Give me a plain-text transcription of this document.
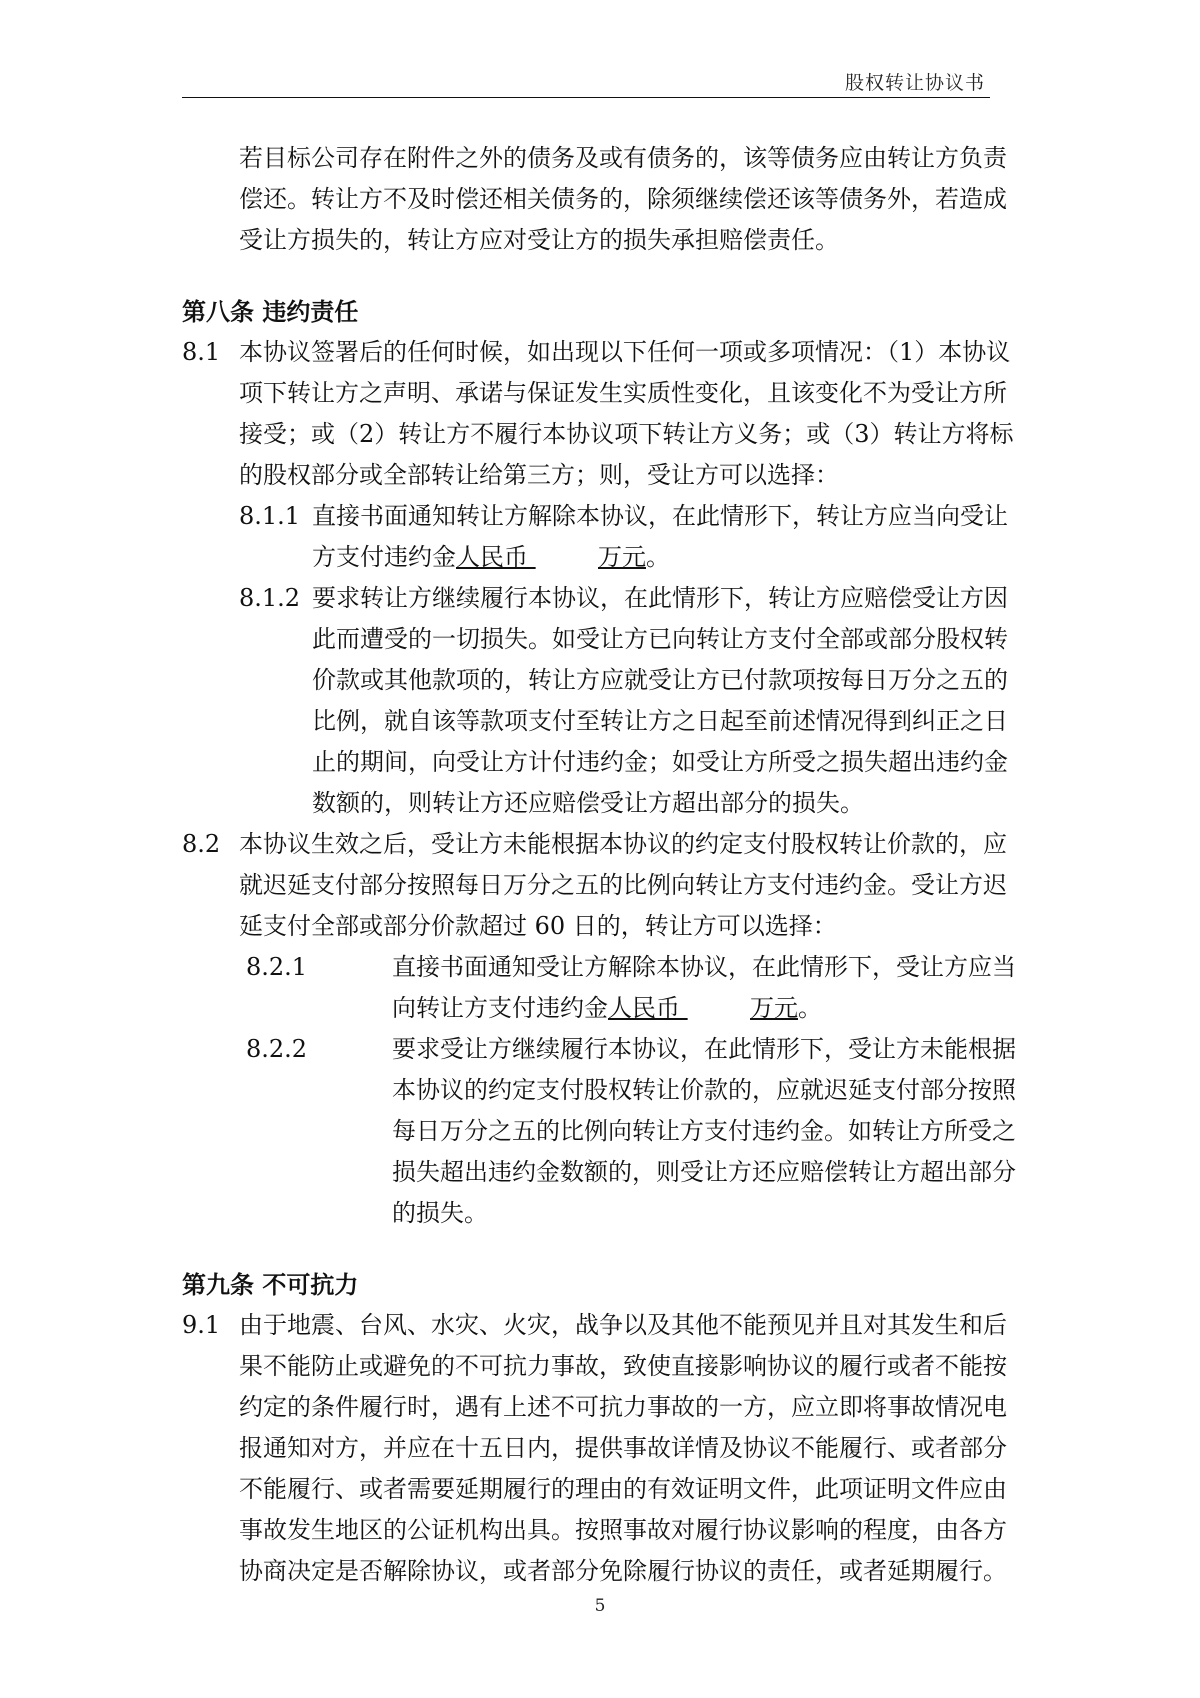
股权转让协议书

若目标公司存在附件之外的债务及或有债务的，该等债务应由转让方负责偿还。转让方不及时偿还相关债务的，除须继续偿还该等债务外，若造成受让方损失的，转让方应对受让方的损失承担赔偿责任。

第八条 违约责任

8.1 本协议签署后的任何时候，如出现以下任何一项或多项情况：（1）本协议项下转让方之声明、承诺与保证发生实质性变化，且该变化不为受让方所接受；或（2）转让方不履行本协议项下转让方义务；或（3）转让方将标的股权部分或全部转让给第三方；则，受让方可以选择：
8.1.1 直接书面通知转让方解除本协议，在此情形下，转让方应当向受让方支付违约金人民币	万元。
8.1.2 要求转让方继续履行本协议，在此情形下，转让方应赔偿受让方因此而遭受的一切损失。如受让方已向转让方支付全部或部分股权转价款或其他款项的，转让方应就受让方已付款项按每日万分之五的比例，就自该等款项支付至转让方之日起至前述情况得到纠正之日止的期间，向受让方计付违约金；如受让方所受之损失超出违约金数额的，则转让方还应赔偿受让方超出部分的损失。
8.2 本协议生效之后，受让方未能根据本协议的约定支付股权转让价款的，应就迟延支付部分按照每日万分之五的比例向转让方支付违约金。受让方迟延支付全部或部分价款超过 60 日的，转让方可以选择：
8.2.1	直接书面通知受让方解除本协议，在此情形下，受让方应当向转让方支付违约金人民币	万元。
8.2.2	要求受让方继续履行本协议，在此情形下，受让方未能根据本协议的约定支付股权转让价款的，应就迟延支付部分按照每日万分之五的比例向转让方支付违约金。如转让方所受之损失超出违约金数额的，则受让方还应赔偿转让方超出部分的损失。

第九条 不可抗力

9.1 由于地震、台风、水灾、火灾，战争以及其他不能预见并且对其发生和后果不能防止或避免的不可抗力事故，致使直接影响协议的履行或者不能按约定的条件履行时，遇有上述不可抗力事故的一方，应立即将事故情况电报通知对方，并应在十五日内，提供事故详情及协议不能履行、或者部分不能履行、或者需要延期履行的理由的有效证明文件，此项证明文件应由事故发生地区的公证机构出具。按照事故对履行协议影响的程度，由各方协商决定是否解除协议，或者部分免除履行协议的责任，或者延期履行。
5
